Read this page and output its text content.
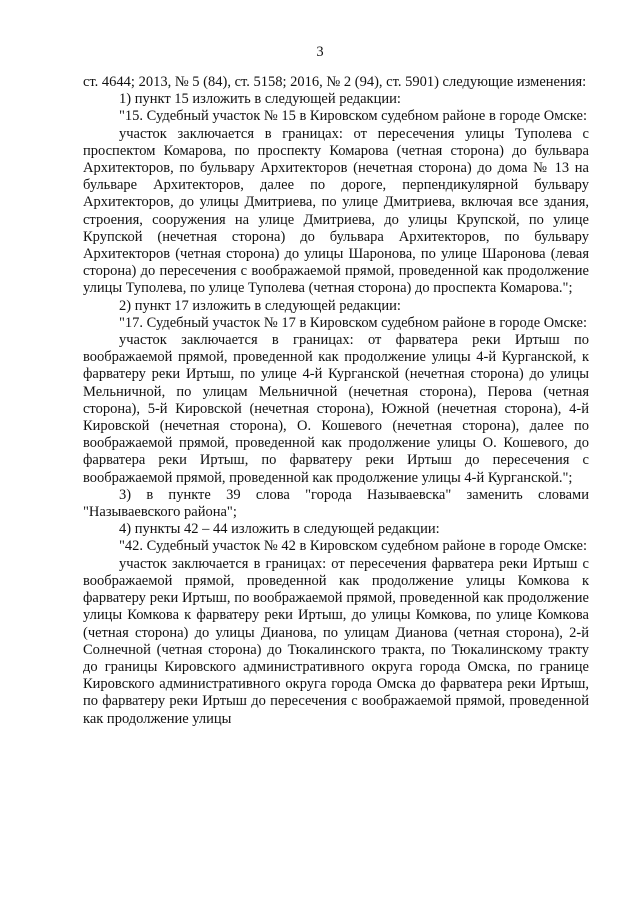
3

ст. 4644; 2013, № 5 (84), ст. 5158; 2016, № 2 (94), ст. 5901) следующие изменения:

1) пункт 15 изложить в следующей редакции:

"15. Судебный участок № 15 в Кировском судебном районе в городе Омске:

участок заключается в границах: от пересечения улицы Туполева с проспектом Комарова, по проспекту Комарова (четная сторона) до бульвара Архитекторов, по бульвару Архитекторов (нечетная сторона) до дома № 13 на бульваре Архитекторов, далее по дороге, перпендикулярной бульвару Архитекторов, до улицы Дмитриева, по улице Дмитриева, включая все здания, строения, сооружения на улице Дмитриева, до улицы Крупской, по улице Крупской (нечетная сторона) до бульвара Архитекторов, по бульвару Архитекторов (четная сторона) до улицы Шаронова, по улице Шаронова (левая сторона) до пересечения с воображаемой прямой, проведенной как продолжение улицы Туполева, по улице Туполева (четная сторона) до проспекта Комарова.";

2) пункт 17 изложить в следующей редакции:

"17. Судебный участок № 17 в Кировском судебном районе в городе Омске:

участок заключается в границах: от фарватера реки Иртыш по воображаемой прямой, проведенной как продолжение улицы 4-й Курганской, к фарватеру реки Иртыш, по улице 4-й Курганской (нечетная сторона) до улицы Мельничной, по улицам Мельничной (нечетная сторона), Перова (четная сторона), 5-й Кировской (нечетная сторона), Южной (нечетная сторона), 4-й Кировской (нечетная сторона), О. Кошевого (нечетная сторона), далее по воображаемой прямой, проведенной как продолжение улицы О. Кошевого, до фарватера реки Иртыш, по фарватеру реки Иртыш до пересечения с воображаемой прямой, проведенной как продолжение улицы 4-й Курганской.";

3) в пункте 39 слова "города Называевска" заменить словами "Называевского района";

4) пункты 42 – 44 изложить в следующей редакции:

"42. Судебный участок № 42 в Кировском судебном районе в городе Омске:

участок заключается в границах: от пересечения фарватера реки Иртыш с воображаемой прямой, проведенной как продолжение улицы Комкова к фарватеру реки Иртыш, по воображаемой прямой, проведенной как продолжение улицы Комкова к фарватеру реки Иртыш, до улицы Комкова, по улице Комкова (четная сторона) до улицы Дианова, по улицам Дианова (четная сторона), 2-й Солнечной (четная сторона) до Тюкалинского тракта, по Тюкалинскому тракту до границы Кировского административного округа города Омска, по границе Кировского административного округа города Омска до фарватера реки Иртыш, по фарватеру реки Иртыш до пересечения с воображаемой прямой, проведенной как продолжение улицы
